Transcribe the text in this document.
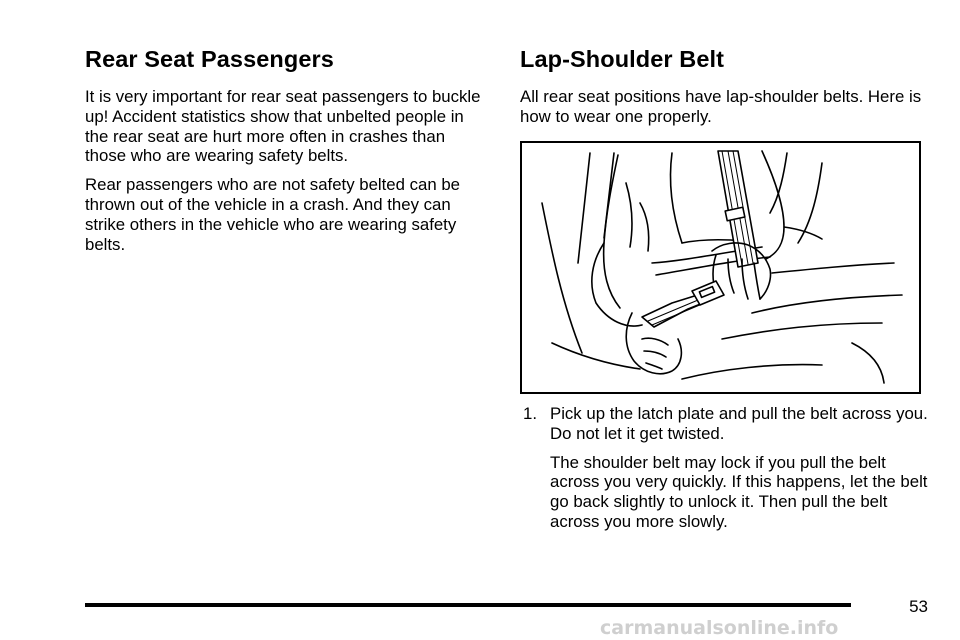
Rear Seat Passengers

It is very important for rear seat passengers to buckle up! Accident statistics show that unbelted people in the rear seat are hurt more often in crashes than those who are wearing safety belts.

Rear passengers who are not safety belted can be thrown out of the vehicle in a crash. And they can strike others in the vehicle who are wearing safety belts.

Lap-Shoulder Belt

All rear seat positions have lap-shoulder belts. Here is how to wear one properly.

1. Pick up the latch plate and pull the belt across you. Do not let it get twisted.

The shoulder belt may lock if you pull the belt across you very quickly. If this happens, let the belt go back slightly to unlock it. Then pull the belt across you more slowly.

53
carmanualsonline.info
